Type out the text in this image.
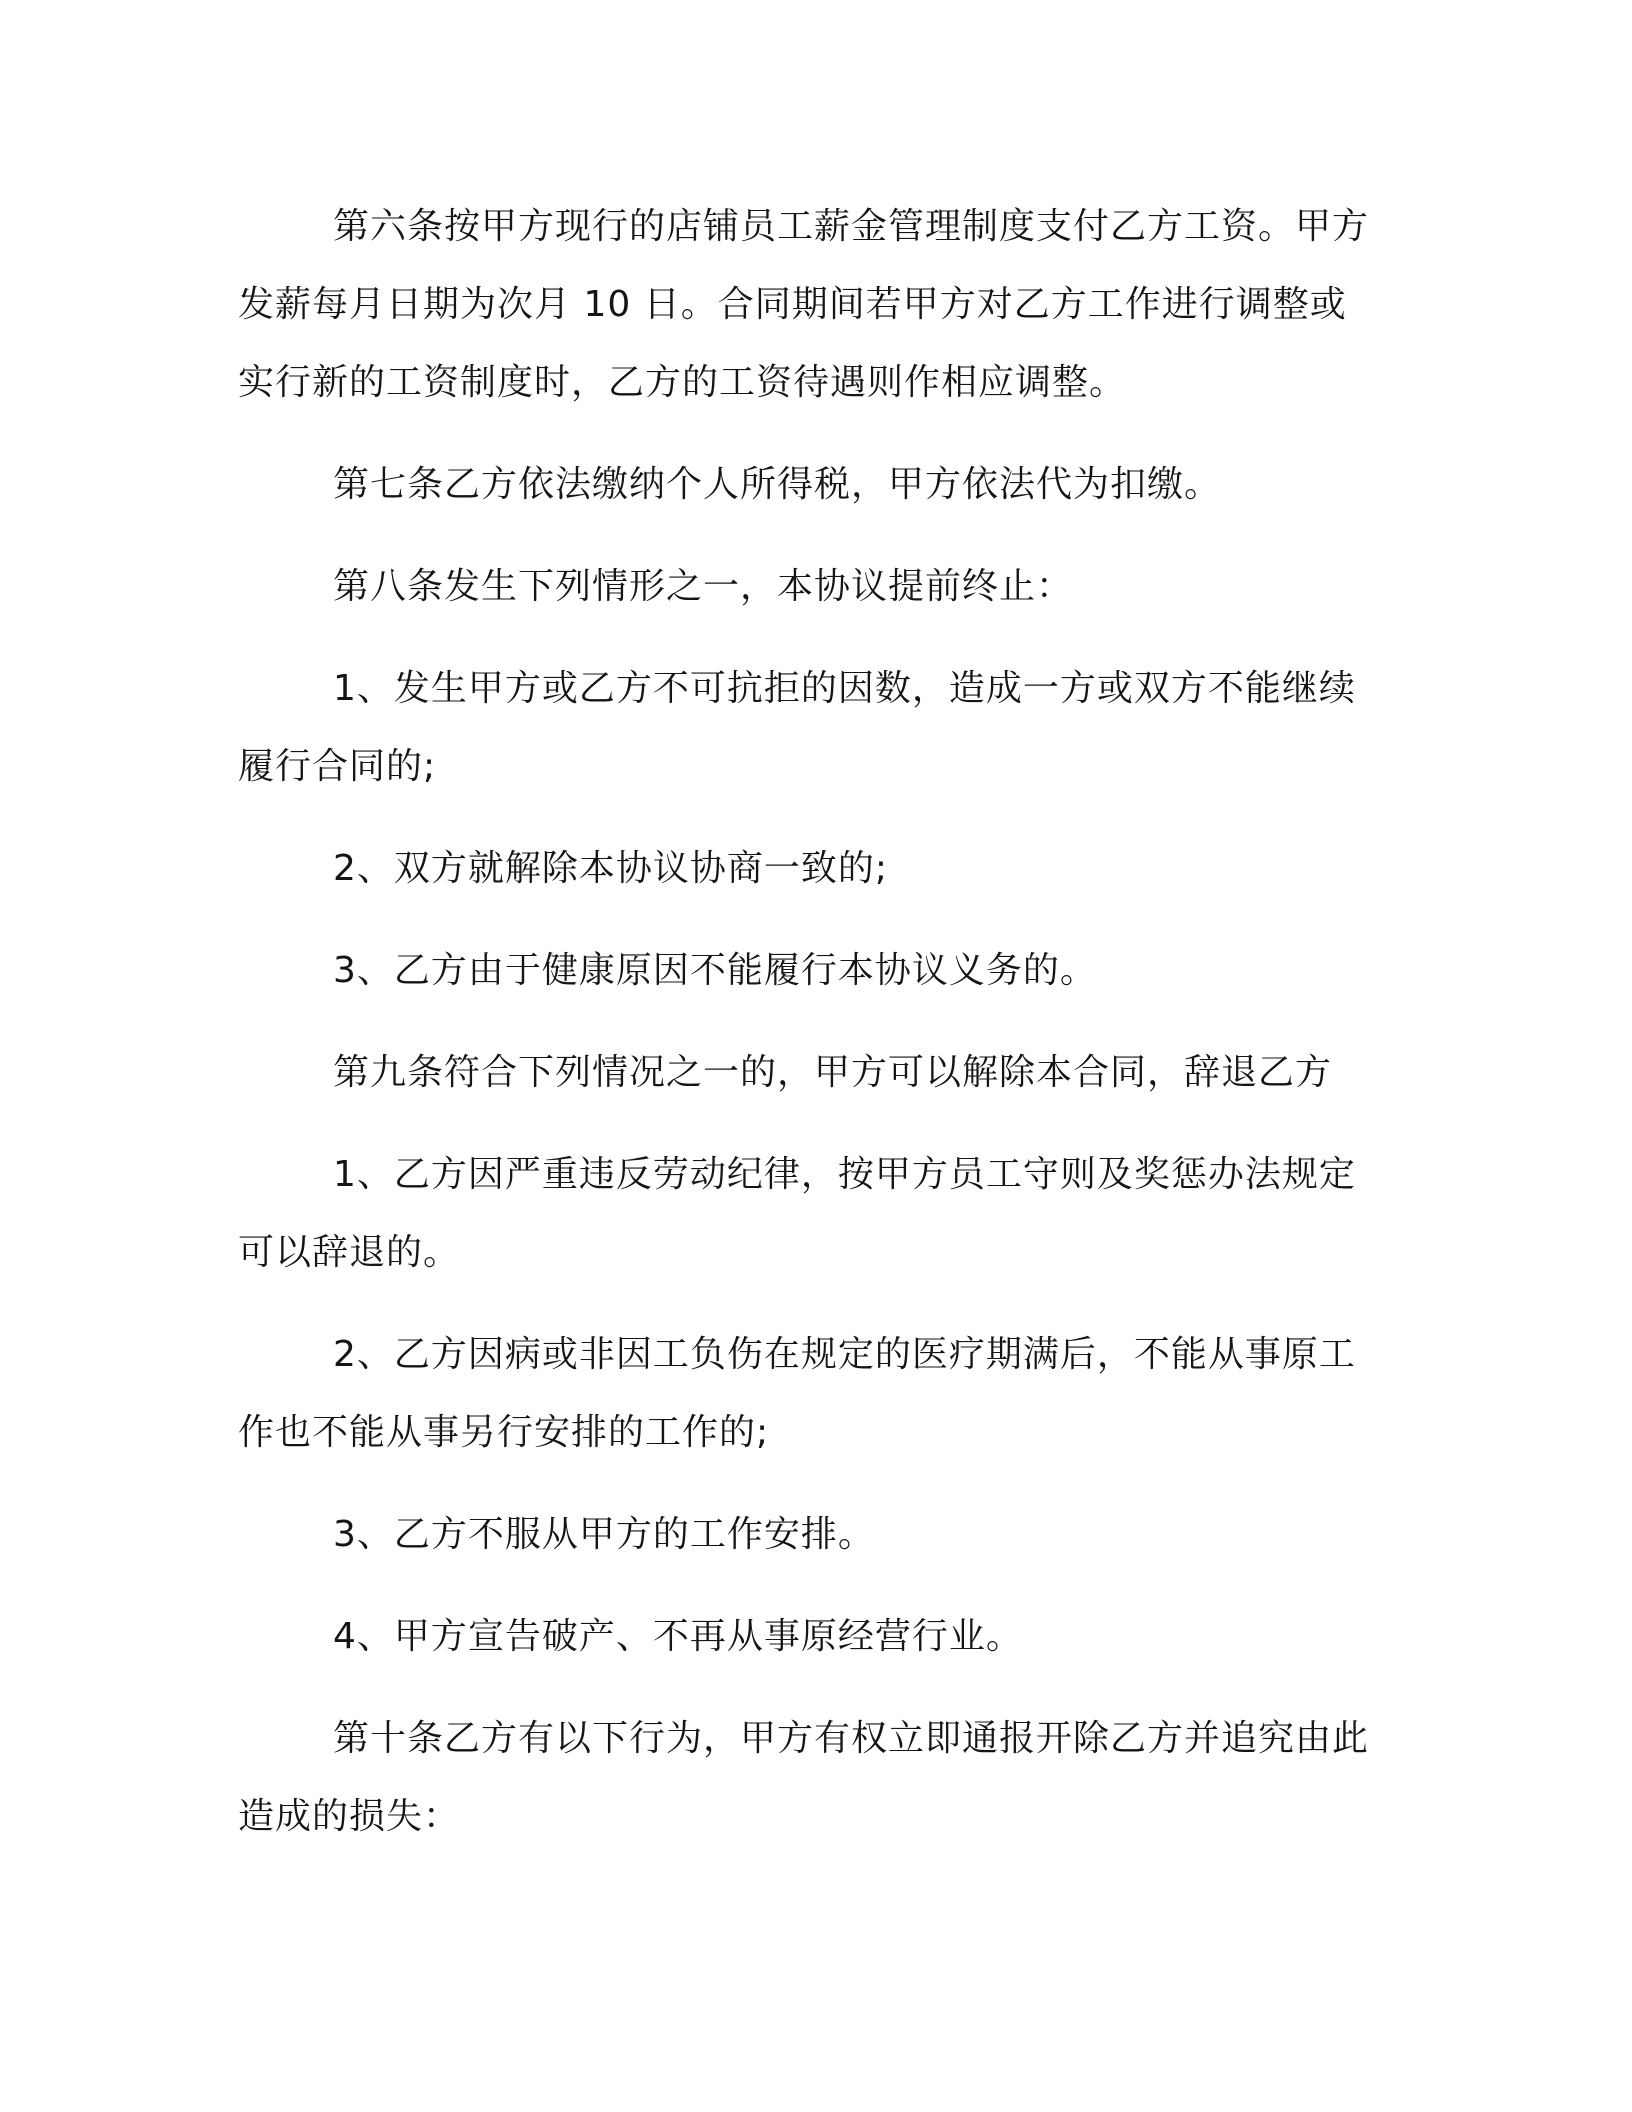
第六条按甲方现行的店铺员工薪金管理制度支付乙方工资。甲方发薪每月日期为次月 10 日。合同期间若甲方对乙方工作进行调整或实行新的工资制度时，乙方的工资待遇则作相应调整。

第七条乙方依法缴纳个人所得税，甲方依法代为扣缴。

第八条发生下列情形之一，本协议提前终止：

1、发生甲方或乙方不可抗拒的因数，造成一方或双方不能继续履行合同的;

2、双方就解除本协议协商一致的;

3、乙方由于健康原因不能履行本协议义务的。

第九条符合下列情况之一的，甲方可以解除本合同，辞退乙方

1、乙方因严重违反劳动纪律，按甲方员工守则及奖惩办法规定可以辞退的。

2、乙方因病或非因工负伤在规定的医疗期满后，不能从事原工作也不能从事另行安排的工作的;

3、乙方不服从甲方的工作安排。

4、甲方宣告破产、不再从事原经营行业。

第十条乙方有以下行为，甲方有权立即通报开除乙方并追究由此造成的损失：
